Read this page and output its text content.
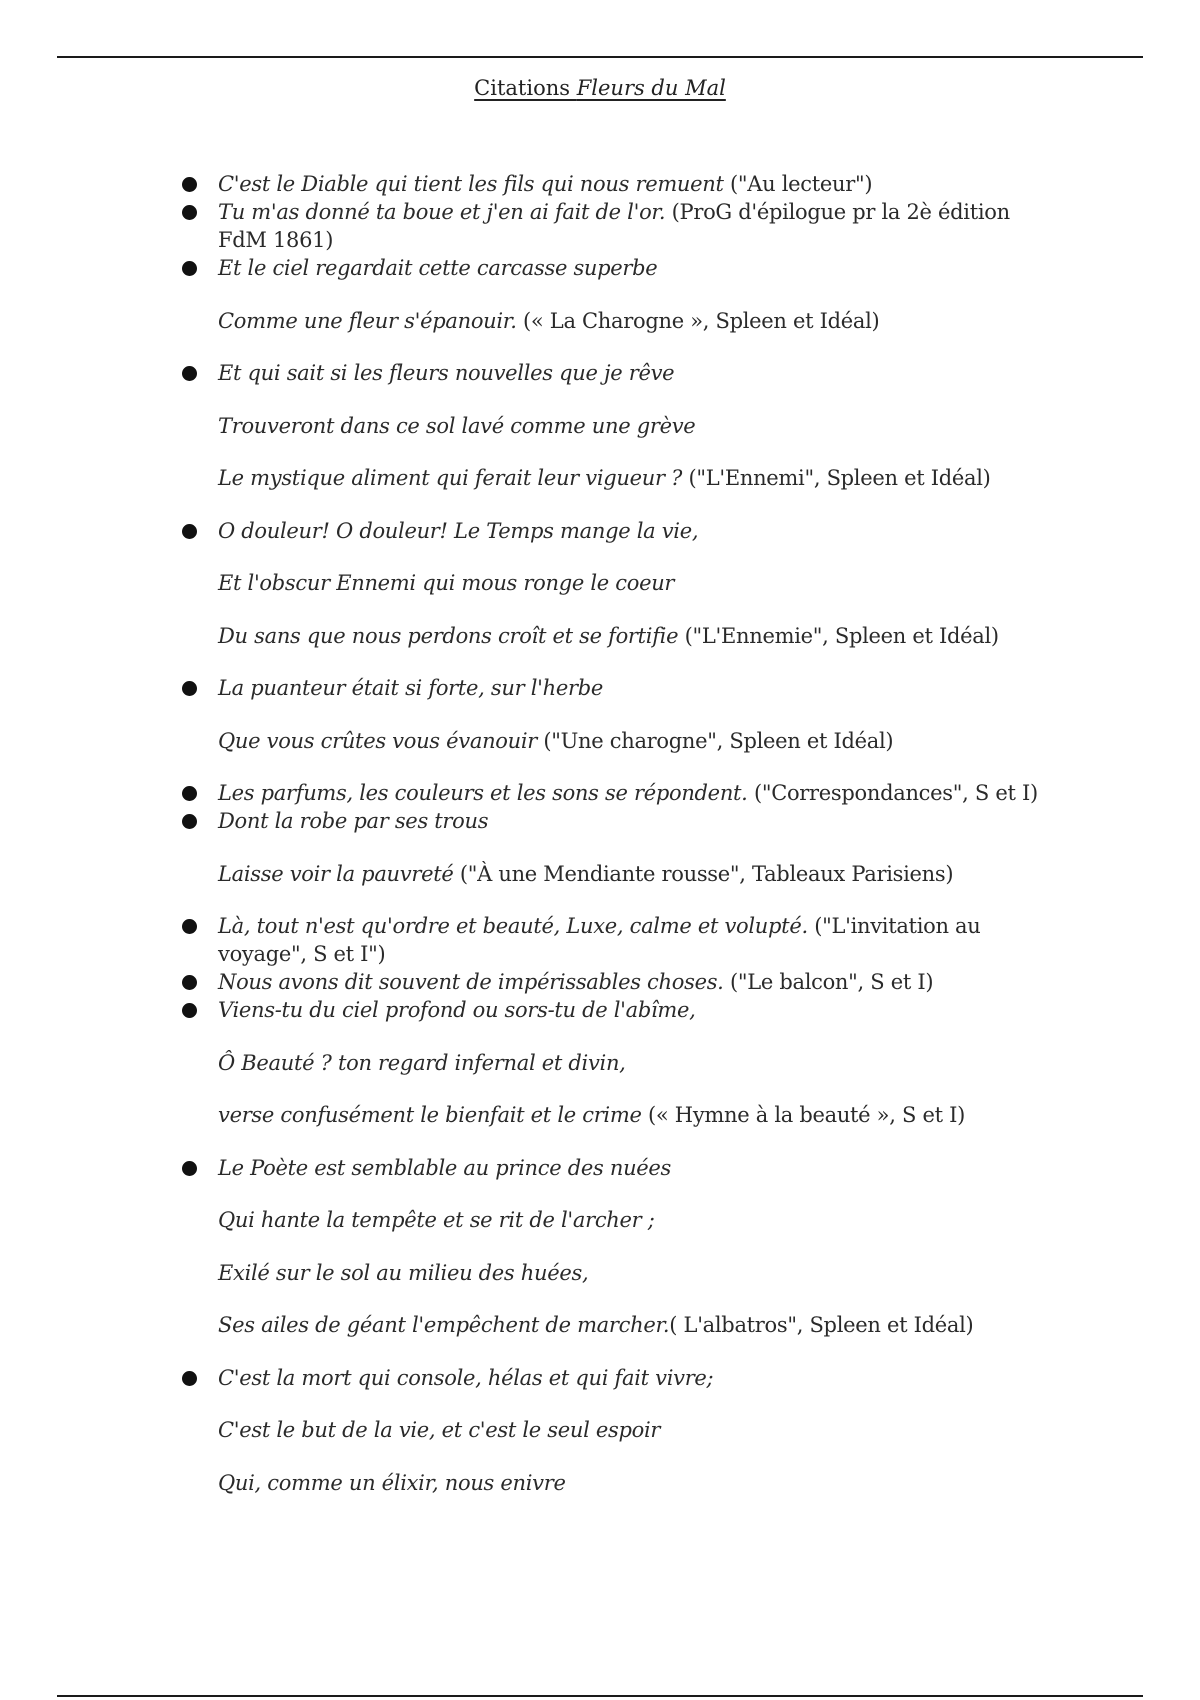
Citations Fleurs du Mal
C'est le Diable qui tient les fils qui nous remuent ("Au lecteur")
Tu m'as donné ta boue et j'en ai fait de l'or. (ProG d'épilogue pr la 2è édition FdM 1861)
Et le ciel regardait cette carcasse superbe
Comme une fleur s'épanouir. (« La Charogne », Spleen et Idéal)
Et qui sait si les fleurs nouvelles que je rêve
Trouveront dans ce sol lavé comme une grève
Le mystique aliment qui ferait leur vigueur ? ("L'Ennemi", Spleen et Idéal)
O douleur! O douleur! Le Temps mange la vie,
Et l'obscur Ennemi qui mous ronge le coeur
Du sans que nous perdons croît et se fortifie ("L'Ennemie", Spleen et Idéal)
La puanteur était si forte, sur l'herbe
Que vous crûtes vous évanouir ("Une charogne", Spleen et Idéal)
Les parfums, les couleurs et les sons se répondent. ("Correspondances", S et I)
Dont la robe par ses trous
Laisse voir la pauvreté ("À une Mendiante rousse", Tableaux Parisiens)
Là, tout n'est qu'ordre et beauté, Luxe, calme et volupté. ("L'invitation au voyage", S et I")
Nous avons dit souvent de impérissables choses. ("Le balcon", S et I)
Viens-tu du ciel profond ou sors-tu de l'abîme,
Ô Beauté ? ton regard infernal et divin,
verse confusément le bienfait et le crime (« Hymne à la beauté », S et I)
Le Poète est semblable au prince des nuées
Qui hante la tempête et se rit de l'archer ;
Exilé sur le sol au milieu des huées,
Ses ailes de géant l'empêchent de marcher.( L'albatros", Spleen et Idéal)
C'est la mort qui console, hélas et qui fait vivre;
C'est le but de la vie, et c'est le seul espoir
Qui, comme un élixir, nous enivre
